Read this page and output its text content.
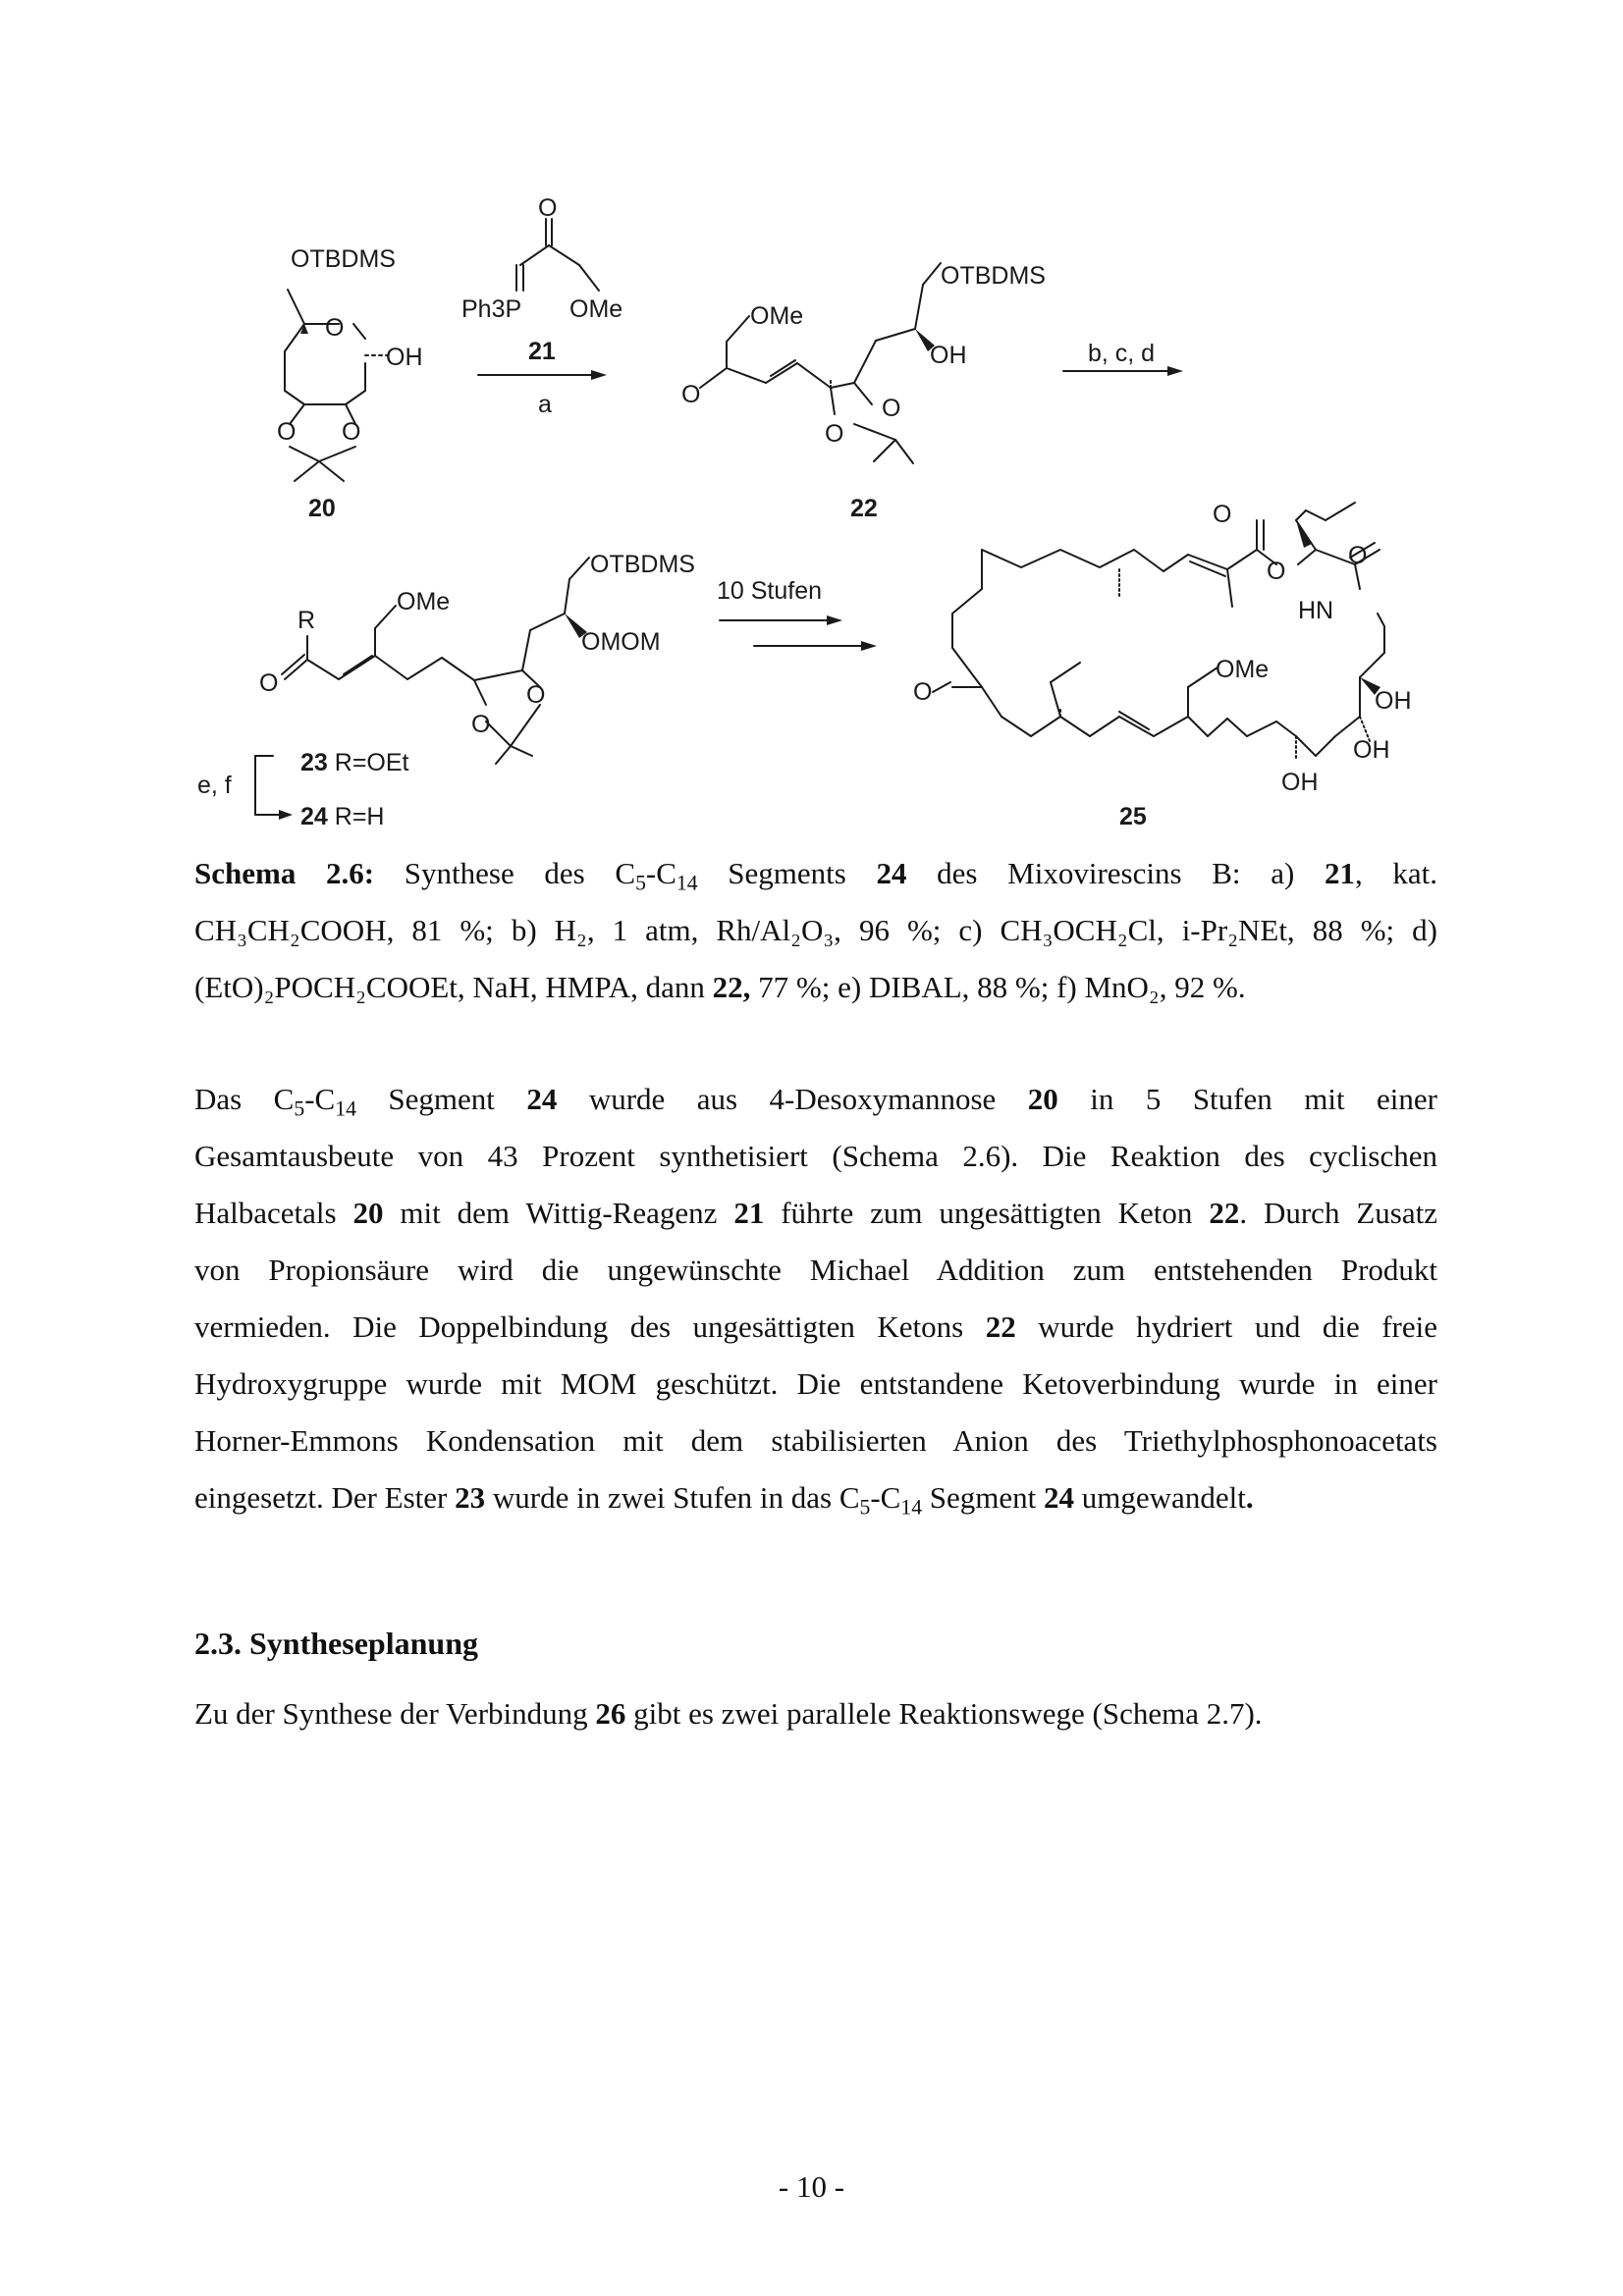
OTBDMS
O
OH
O O
20
O
Ph3P OMe
21
a
OMe
O
O
O
OTBDMS
OH
22
b, c, d
R
O
OMe
O
O
OTBDMS
OMOM
e, f
23 R=OEt
24 R=H
10 Stufen
O
O
O
HN
OMe
O	OH
OH
OH
25
Schema 2.6: Synthese des $C_5-C_{14}$ Segments 24 des Mixovirescins B: a) 21, kat.
CH₃CH₂COOH, 81 %; b) H₂, 1 atm, Rh/Al₂O₃, 96 %; c) CH₃OCH₂Cl, i-Pr₂NEt, 88 %; d)
(EtO)₂POCH₂COOEt, NaH, HMPA, dann 22, 77 %; e) DIBAL, 88 %; f) MnO₂, 92 %.
Das $C_5-C_{14}$ Segment 24 wurde aus 4-Desoxymannose 20 in 5 Stufen mit einer
Gesamtausbeute von 43 Prozent synthetisiert (Schema 2.6). Die Reaktion des cyclischen
Halbacetals 20 mit dem Wittig-Reagenz 21 führte zum ungesättigten Keton 22. Durch Zusatz
von Propionsäure wird die ungewünschte Michael Addition zum entstehenden Produkt
vermieden. Die Doppelbindung des ungesättigten Ketons 22 wurde hydriert und die freie
Hydroxygruppe wurde mit MOM geschützt. Die entstandene Ketoverbindung wurde in einer
Horner-Emmons Kondensation mit dem stabilisierten Anion des Triethylphosphonoacetats
eingesetzt. Der Ester 23 wurde in zwei Stufen in das $C_5-C_{14}$ Segment 24 umgewandelt.
2.3. Syntheseplanung
Zu der Synthese der Verbindung 26 gibt es zwei parallele Reaktionswege (Schema 2.7).
- 10 -
